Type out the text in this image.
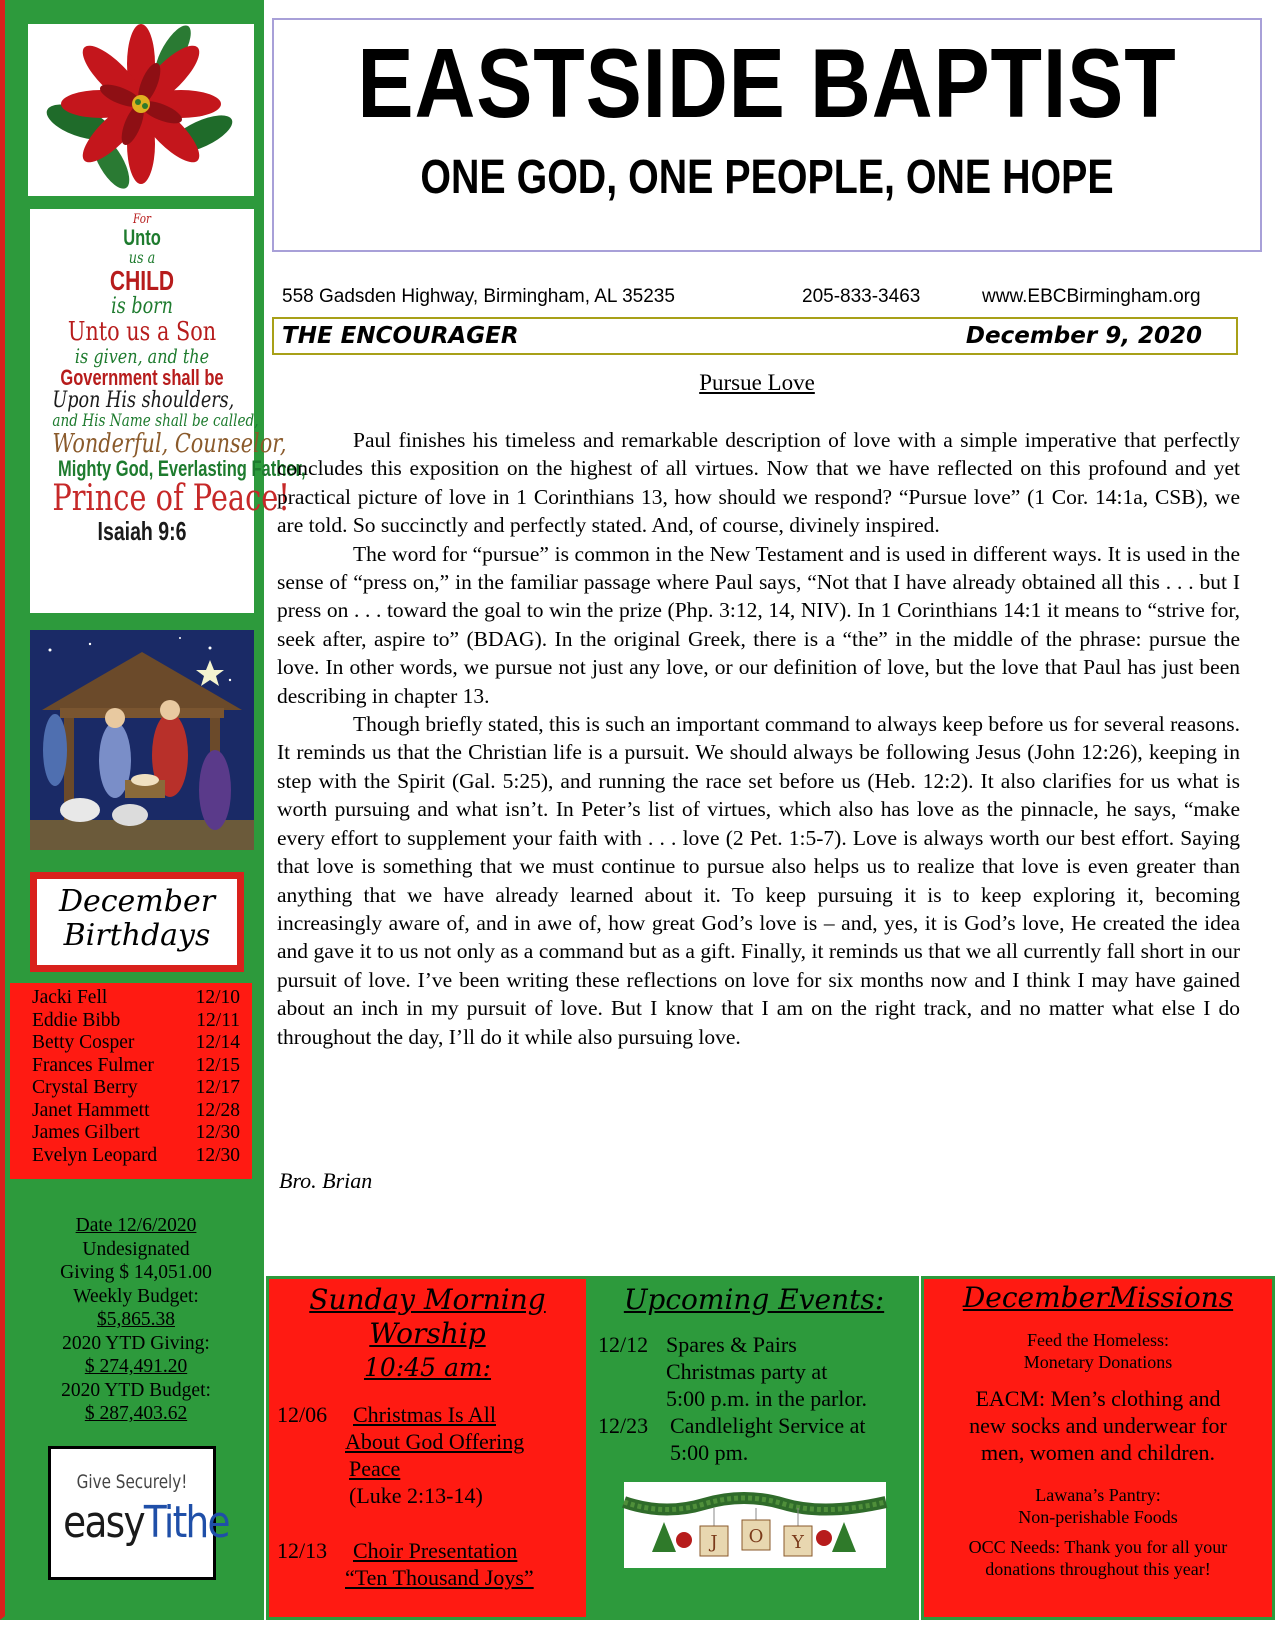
For
Unto
us a
CHILD
is born
Unto us a Son
is given, and the
Government shall be
Upon His shoulders,
and His Name shall be called,
Wonderful, Counselor,
Mighty God, Everlasting Father,
Prince of Peace!
Isaiah 9:6
December
Birthdays
Jacki Fell	12/10
Eddie Bibb	12/11
Betty Cosper	12/14
Frances Fulmer 12/15
Crystal Berry	12/17
Janet Hammett 12/28
James Gilbert	12/30
Evelyn Leopard 12/30
Date 12/6/2020
Undesignated
Giving $ 14,051.00
Weekly Budget:
$5,865.38
2020 YTD Giving:
$ 274,491.20
2020 YTD Budget:
$ 287,403.62
Give Securely!
easyTithe
EASTSIDE BAPTIST
ONE GOD, ONE PEOPLE, ONE HOPE
558 Gadsden Highway, Birmingham, AL 35235	205-833-3463	www.EBCBirmingham.org
THE ENCOURAGER	December 9, 2020
Pursue Love

Paul finishes his timeless and remarkable description of love with a simple imperative that perfectly concludes this exposition on the highest of all virtues. Now that we have reflected on this profound and yet practical picture of love in 1 Corinthians 13, how should we respond? “Pursue love” (1 Cor. 14:1a, CSB), we are told. So succinctly and perfectly stated. And, of course, divinely inspired.

The word for “pursue” is common in the New Testament and is used in different ways. It is used in the sense of “press on,” in the familiar passage where Paul says, “Not that I have already obtained all this . . . but I press on . . . toward the goal to win the prize (Php. 3:12, 14, NIV). In 1 Corinthians 14:1 it means to “strive for, seek after, aspire to” (BDAG). In the original Greek, there is a “the” in the middle of the phrase: pursue the love. In other words, we pursue not just any love, or our definition of love, but the love that Paul has just been describing in chapter 13.

Though briefly stated, this is such an important command to always keep before us for several reasons. It reminds us that the Christian life is a pursuit. We should always be following Jesus (John 12:26), keeping in step with the Spirit (Gal. 5:25), and running the race set before us (Heb. 12:2). It also clarifies for us what is worth pursuing and what isn’t. In Peter’s list of virtues, which also has love as the pinnacle, he says, “make every effort to supplement your faith with . . . love (2 Pet. 1:5-7). Love is always worth our best effort. Saying that love is something that we must continue to pursue also helps us to realize that love is even greater than anything that we have already learned about it. To keep pursuing it is to keep exploring it, becoming increasingly aware of, and in awe of, how great God’s love is – and, yes, it is God’s love, He created the idea and gave it to us not only as a command but as a gift. Finally, it reminds us that we all currently fall short in our pursuit of love. I’ve been writing these reflections on love for six months now and I think I may have gained about an inch in my pursuit of love. But I know that I am on the right track, and no matter what else I do throughout the day, I’ll do it while also pursuing love.

Bro. Brian
Sunday Morning
Worship
10:45 am:
12/06	Christmas Is All
About God Offering
Peace
(Luke 2:13-14)
12/13	Choir Presentation
“Ten Thousand Joys”
Upcoming Events:
12/12 Spares & Pairs
Christmas party at
5:00 p.m. in the parlor.
12/23 Candlelight Service at
5:00 pm.
J O Y
DecemberMissions
Feed the Homeless:
Monetary Donations
EACM: Men’s clothing and
new socks and underwear for
men, women and children.
Lawana’s Pantry:
Non-perishable Foods
OCC Needs: Thank you for all your
donations throughout this year!
